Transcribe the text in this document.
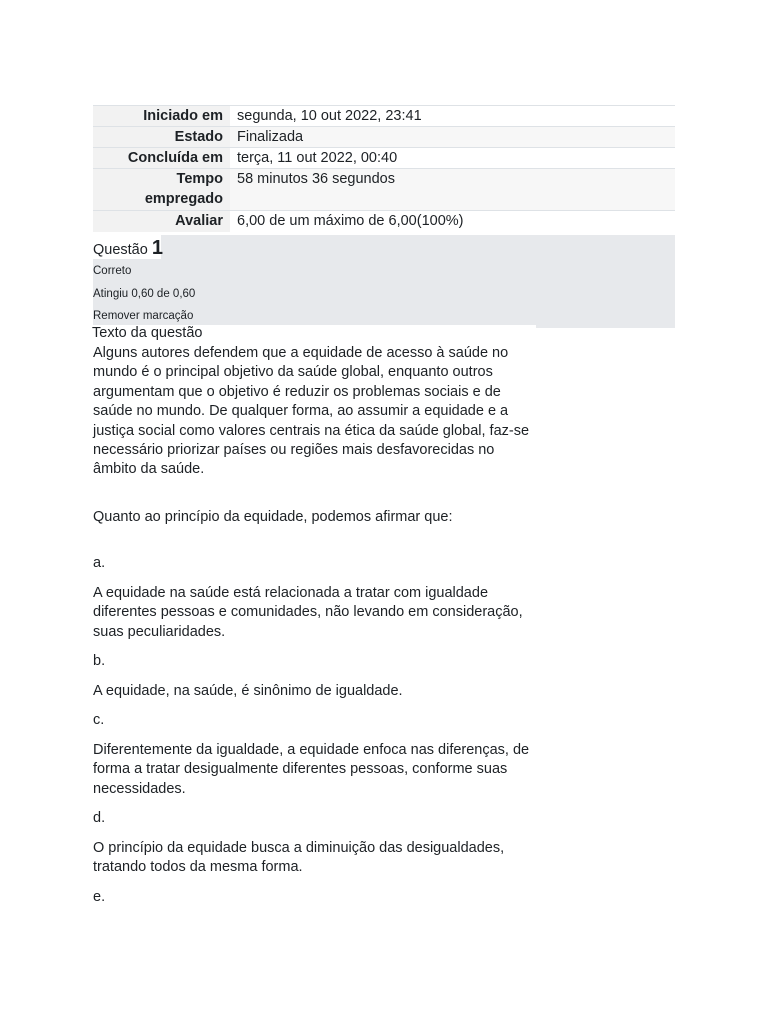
Iniciado em	segunda, 10 out 2022, 23:41
Estado	Finalizada
Concluída em	terça, 11 out 2022, 00:40
Tempo
empregado	58 minutos 36 segundos
Avaliar	6,00 de um máximo de 6,00(100%)
Questão 1
Correto
Atingiu 0,60 de 0,60
Remover marcação
Texto da questão
Alguns autores defendem que a equidade de acesso à saúde no mundo é o principal objetivo da saúde global, enquanto outros argumentam que o objetivo é reduzir os problemas sociais e de saúde no mundo. De qualquer forma, ao assumir a equidade e a justiça social como valores centrais na ética da saúde global, faz-se necessário priorizar países ou regiões mais desfavorecidas no âmbito da saúde.
Quanto ao princípio da equidade, podemos afirmar que:
a.
A equidade na saúde está relacionada a tratar com igualdade diferentes pessoas e comunidades, não levando em consideração, suas peculiaridades.
b.
A equidade, na saúde, é sinônimo de igualdade.
c.
Diferentemente da igualdade, a equidade enfoca nas diferenças, de forma a tratar desigualmente diferentes pessoas, conforme suas necessidades.
d.
O princípio da equidade busca a diminuição das desigualdades, tratando todos da mesma forma.
e.
